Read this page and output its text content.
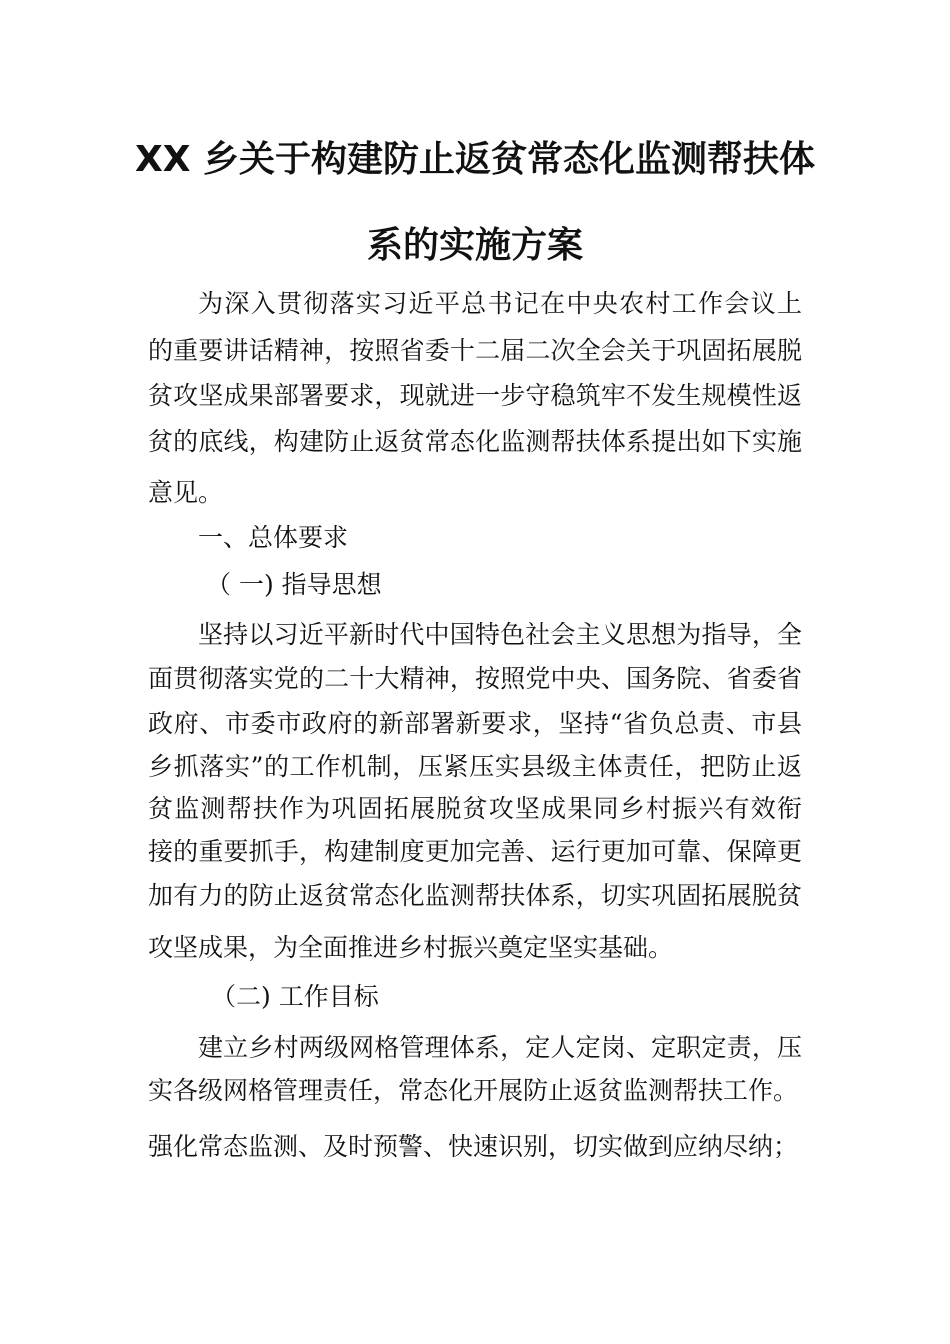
XX 乡关于构建防止返贫常态化监测帮扶体
系的实施方案
为深入贯彻落实习近平总书记在中央农村工作会议上
的重要讲话精神，按照省委十二届二次全会关于巩固拓展脱
贫攻坚成果部署要求，现就进一步守稳筑牢不发生规模性返
贫的底线，构建防止返贫常态化监测帮扶体系提出如下实施
意见。
一、总体要求
（ 一) 指导思想
坚持以习近平新时代中国特色社会主义思想为指导，全
面贯彻落实党的二十大精神，按照党中央、国务院、省委省
政府、市委市政府的新部署新要求，坚持“省负总责、市县
乡抓落实”的工作机制，压紧压实县级主体责任，把防止返
贫监测帮扶作为巩固拓展脱贫攻坚成果同乡村振兴有效衔
接的重要抓手，构建制度更加完善、运行更加可靠、保障更
加有力的防止返贫常态化监测帮扶体系，切实巩固拓展脱贫
攻坚成果，为全面推进乡村振兴奠定坚实基础。
（二) 工作目标
建立乡村两级网格管理体系，定人定岗、定职定责，压
实各级网格管理责任，常态化开展防止返贫监测帮扶工作。
强化常态监测、及时预警、快速识别，切实做到应纳尽纳；
